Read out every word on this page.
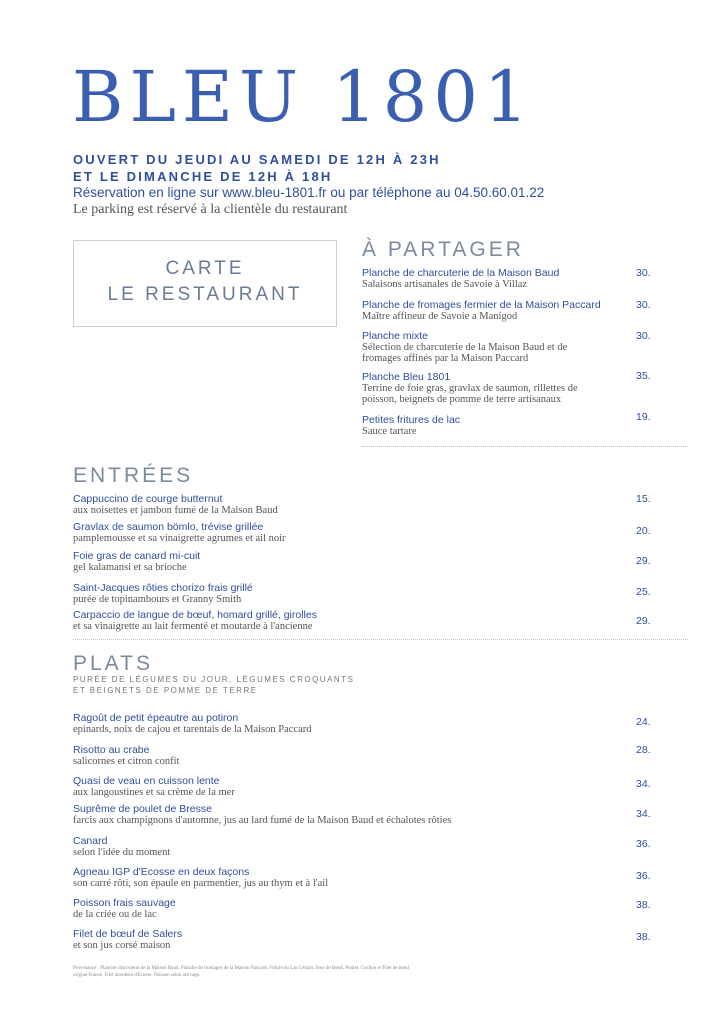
BLEU 1801
OUVERT DU JEUDI AU SAMEDI DE 12H À 23H
ET LE DIMANCHE DE 12H À 18H
Réservation en ligne sur www.bleu-1801.fr ou par téléphone au 04.50.60.01.22
Le parking est réservé à la clientèle du restaurant
CARTE
LE RESTAURANT
À PARTAGER
Planche de charcuterie de la Maison Baud
Salaisons artisanales de Savoie à Villaz
30.
Planche de fromages fermier de la Maison Paccard
Maître affineur de Savoie a Manigod
30.
Planche mixte
Sélection de charcuterie de la Maison Baud et de fromages affinés par la Maison Paccard
30.
Planche Bleu 1801
Terrine de foie gras, gravlax de saumon, rillettes de poisson, beignets de pomme de terre artisanaux
35.
Petites fritures de lac
Sauce tartare
19.
ENTRÉES
Cappuccino de courge butternut
aux noisettes et jambon fumé de la Maison Baud
15.
Gravlax de saumon bömlo, trévise grillée
pamplemousse et sa vinaigrette agrumes et ail noir
20.
Foie gras de canard mi-cuit
gel kalamansi et sa brioche
29.
Saint-Jacques rôties chorizo frais grillé
purée de topinambours et Granny Smith
25.
Carpaccio de langue de bœuf, homard grillé, girolles
et sa vinaigrette au lait fermenté et moutarde à l'ancienne	29.
PLATS
PURÉE DE LÉGUMES DU JOUR, LÉGUMES CROQUANTS
ET BEIGNETS DE POMME DE TERRE
Ragoût de petit épeautre au potiron
epinards, noix de cajou et tarentais de la Maison Paccard
24.
Risotto au crabe
salicornes et citron confit
28.
Quasi de veau en cuisson lente
aux langoustines et sa crème de la mer
34.
Suprême de poulet de Bresse
farcis aux champignons d'automne, jus au lard fumé de la Maison Baud et échalotes rôties
34.
Canard
selon l'idée du moment
36.
Agneau IGP d'Ecosse en deux façons
son carré rôti, son épaule en parmentier, jus au thym et à l'ail
36.
Poisson frais sauvage
de la criée ou de lac
38.
Filet de bœuf de Salers
et son jus corsé maison
38.
Provenance : Planche charcuterie de la Maison Baud, Planche de fromages de la Maison Paccard, Friture du Lac Léman, Joue de Bœuf, Poulet, Cochon et Filet de bœuf origine France, Filet aberdeen d'Ecosse, Poisson selon arrivage.
